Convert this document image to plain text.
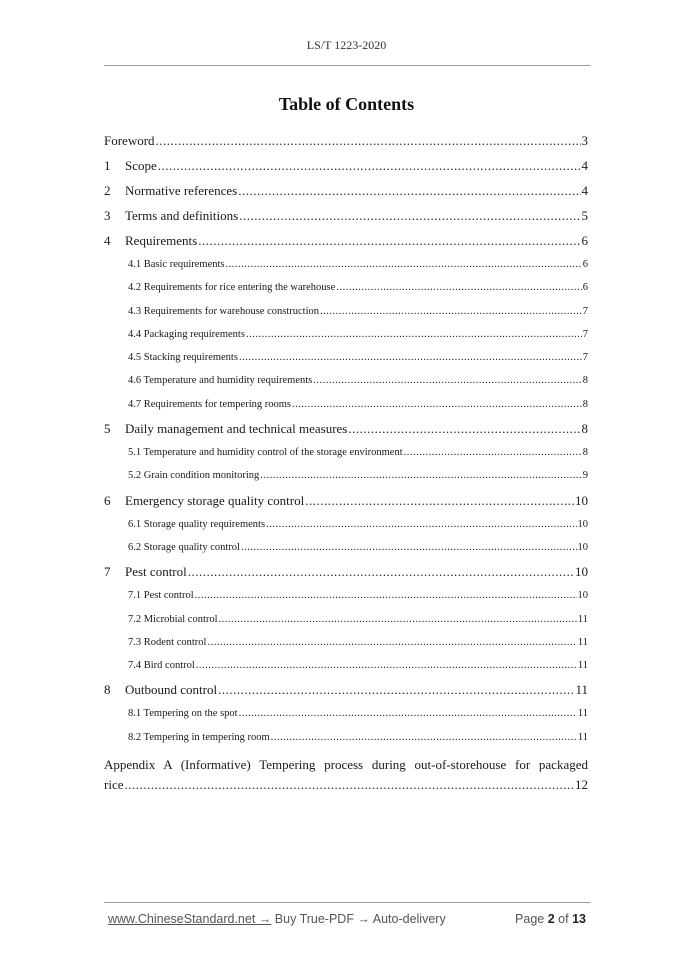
LS/T 1223-2020
Table of Contents
Foreword .....	3
1	Scope .....	4
2	Normative references .....	4
3	Terms and definitions .....	5
4	Requirements .....	6
4.1 Basic requirements .....	6
4.2 Requirements for rice entering the warehouse .....	6
4.3 Requirements for warehouse construction .....	7
4.4 Packaging requirements .....	7
4.5 Stacking requirements .....	7
4.6 Temperature and humidity requirements .....	8
4.7 Requirements for tempering rooms .....	8
5	Daily management and technical measures .....	8
5.1 Temperature and humidity control of the storage environment .....	8
5.2 Grain condition monitoring .....	9
6	Emergency storage quality control .....	10
6.1 Storage quality requirements .....	10
6.2 Storage quality control .....	10
7	Pest control .....	10
7.1 Pest control .....	10
7.2 Microbial control .....	11
7.3 Rodent control .....	11
7.4 Bird control .....	11
8	Outbound control .....	11
8.1 Tempering on the spot .....	11
8.2 Tempering in tempering room .....	11
Appendix A (Informative) Tempering process during out-of-storehouse for packaged
rice .....	12
www.ChineseStandard.net → Buy True-PDF → Auto-delivery	Page 2 of 13
